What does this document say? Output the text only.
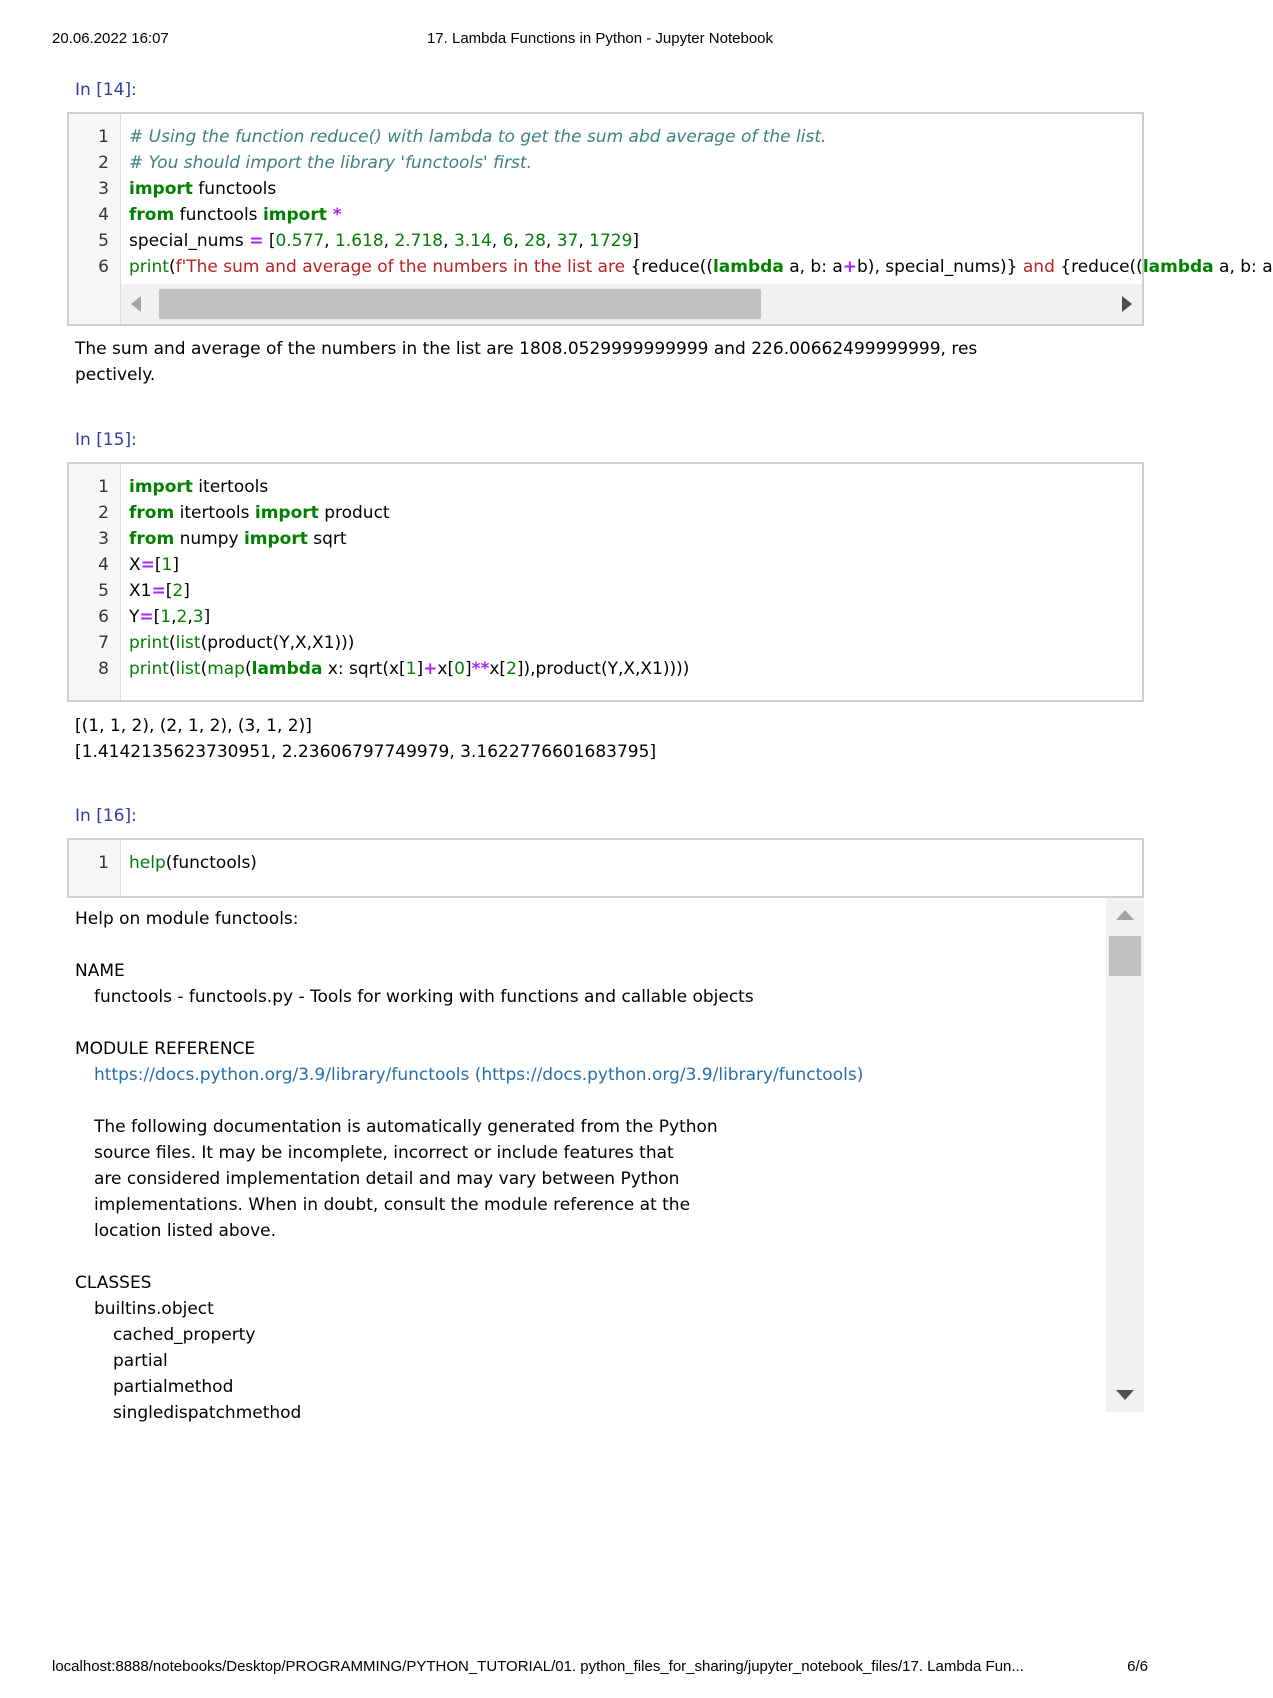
20.06.2022 16:07	17. Lambda Functions in Python - Jupyter Notebook
In [14]:
1
2
3
4
5
6
# Using the function reduce() with lambda to get the sum abd average of the list.
# You should import the library 'functools' first.
import functools
from functools import *
special_nums = [0.577, 1.618, 2.718, 3.14, 6, 28, 37, 1729]
print(f'The sum and average of the numbers in the list are {reduce((lambda a, b: a+b), special_nums)} and {reduce((lambda a, b: a
The sum and average of the numbers in the list are 1808.0529999999999 and 226.00662499999999, res
pectively.
In [15]:
1
2
3
4
5
6
7
8
import itertools
from itertools import product
from numpy import sqrt
X=[1]
X1=[2]
Y=[1,2,3]
print(list(product(Y,X,X1)))
print(list(map(lambda x: sqrt(x[1]+x[0]**x[2]),product(Y,X,X1))))
[(1, 1, 2), (2, 1, 2), (3, 1, 2)]
[1.4142135623730951, 2.23606797749979, 3.1622776601683795]
In [16]:
1 help(functools)
Help on module functools:
NAME
functools - functools.py - Tools for working with functions and callable objects
MODULE REFERENCE
https://docs.python.org/3.9/library/functools (https://docs.python.org/3.9/library/functools)
The following documentation is automatically generated from the Python
source files. It may be incomplete, incorrect or include features that
are considered implementation detail and may vary between Python
implementations. When in doubt, consult the module reference at the
location listed above.
CLASSES
builtins.object
cached_property
partial
partialmethod
singledispatchmethod
localhost:8888/notebooks/Desktop/PROGRAMMING/PYTHON_TUTORIAL/01. python_files_for_sharing/jupyter_notebook_files/17. Lambda Fun...	6/6
